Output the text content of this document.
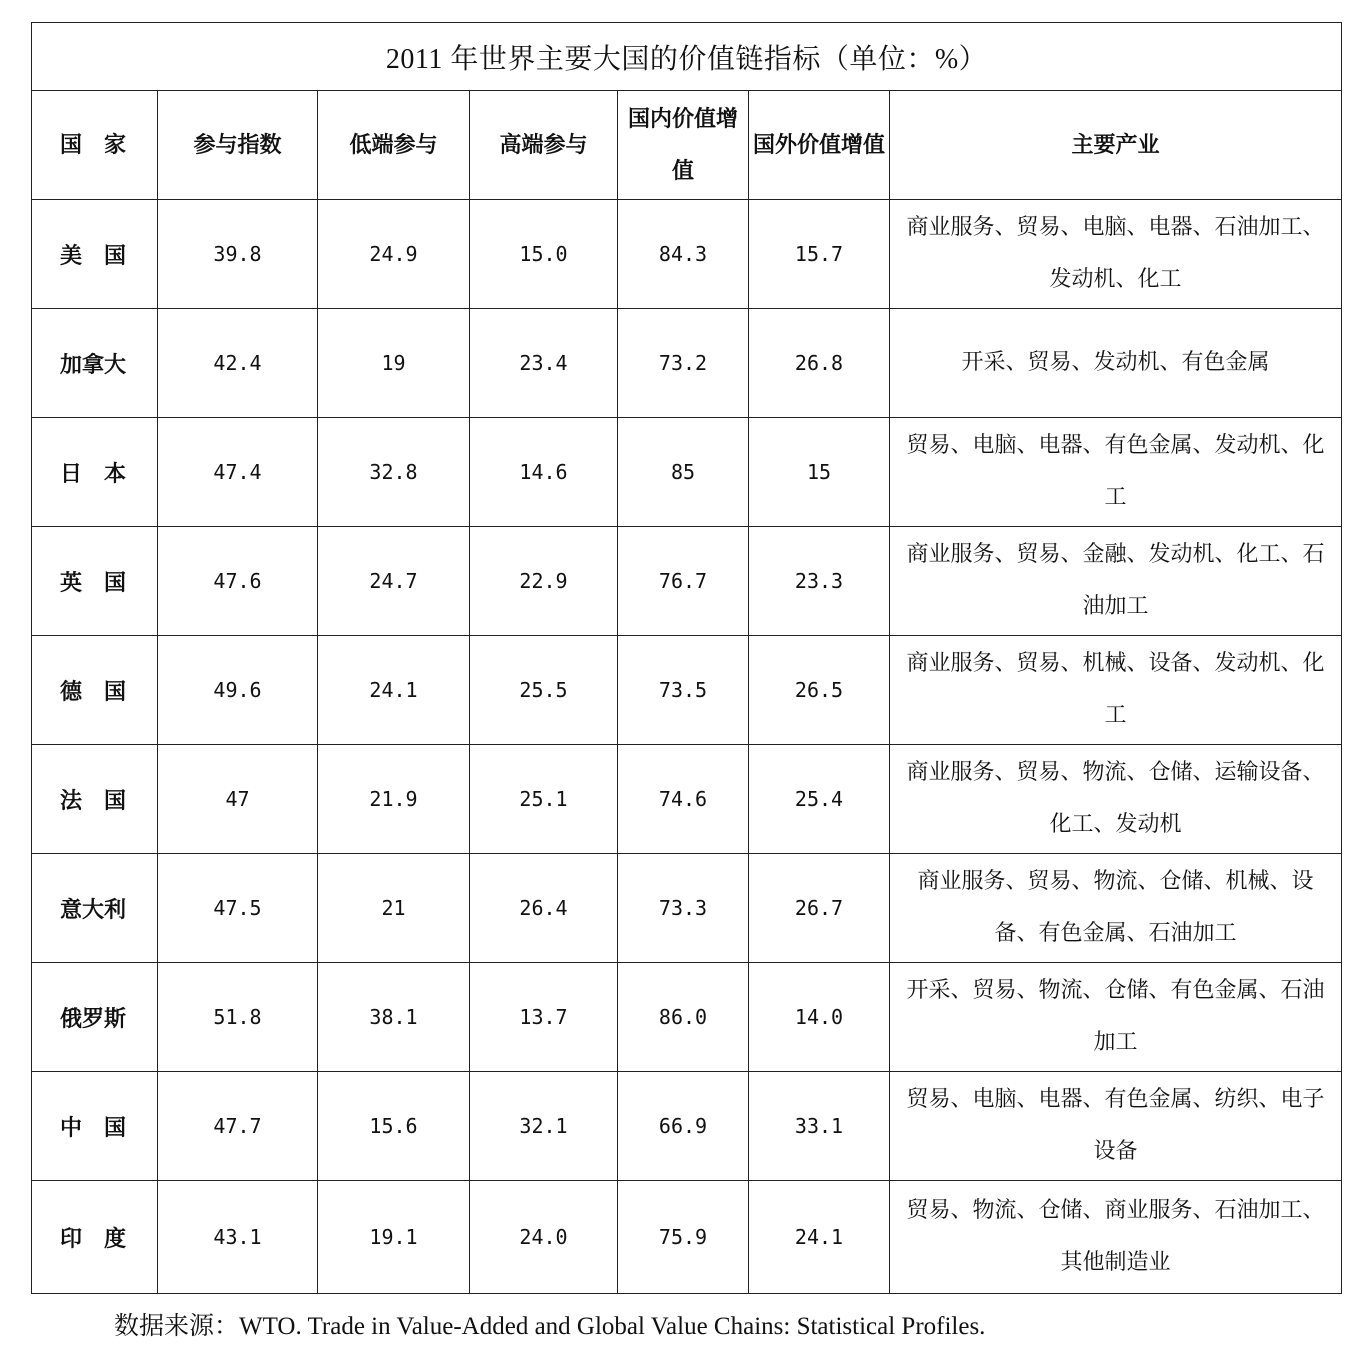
2011 年世界主要大国的价值链指标（单位：%）						
国　家	参与指数	低端参与	高端参与	国内价值增值	国外价值增值	主要产业
美　国	39.8	24.9	15.0	84.3	15.7	商业服务、贸易、电脑、电器、石油加工、发动机、化工
加拿大	42.4	19	23.4	73.2	26.8	开采、贸易、发动机、有色金属
日　本	47.4	32.8	14.6	85	15	贸易、电脑、电器、有色金属、发动机、化工
英　国	47.6	24.7	22.9	76.7	23.3	商业服务、贸易、金融、发动机、化工、石油加工
德　国	49.6	24.1	25.5	73.5	26.5	商业服务、贸易、机械、设备、发动机、化工
法　国	47	21.9	25.1	74.6	25.4	商业服务、贸易、物流、仓储、运输设备、化工、发动机
意大利	47.5	21	26.4	73.3	26.7	商业服务、贸易、物流、仓储、机械、设备、有色金属、石油加工
俄罗斯	51.8	38.1	13.7	86.0	14.0	开采、贸易、物流、仓储、有色金属、石油加工
中　国	47.7	15.6	32.1	66.9	33.1	贸易、电脑、电器、有色金属、纺织、电子设备
印　度	43.1	19.1	24.0	75.9	24.1	贸易、物流、仓储、商业服务、石油加工、其他制造业
数据来源：WTO. Trade in Value-Added and Global Value Chains: Statistical Profiles.
